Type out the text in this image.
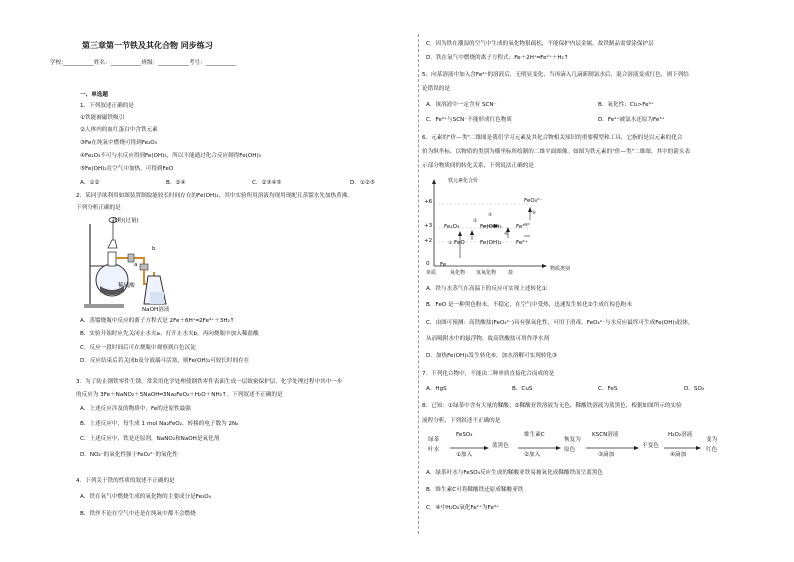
第三章第一节铁及其化合物 同步练习
学校:___________姓名：___________班级：___________考号：___________
一、单选题
1．下列叙述正确的是
①铁能被磁铁吸引
②人体内的血红蛋白中含铁元素
③Fe在纯氧中燃烧可得到Fe₂O₃
④Fe₂O₃不可与水反应得到Fe(OH)₃，所以不能通过化合反应制得Fe(OH)₃
⑤Fe(OH)₂在空气中加热，可得到FeO
A．①②	B．②④	C．②③④⑤	D．①②⑤
2．某同学欲利用如图装置制取能较长时间存在的Fe(OH)₂，其中实验所用溶液均现用现配且蒸馏水先加热煮沸。
下列分析正确的是
铁粉(过量)
a
b
稀硫酸
NaOH溶液
A．蒸馏烧瓶中反应的离子方程式是 2Fe＋6H⁺═2Fe³⁺＋3H₂↑
B．实验开始时应先关闭止水夹a、打开止水夹b，再向烧瓶中加入稀盐酸
C．反应一段时间后可在烧瓶中观察到白色沉淀
D．反应结束后若关闭b及分液漏斗活塞，则Fe(OH)₂可较长时间存在
3．为了防止钢铁零件生锈，常采用化学处理使钢铁零件表面生成一层致密保护层，化学处理过程中其中一步
的反应为 3Fe＋NaNO₂＋5NaOH═3Na₂FeO₂＋H₂O＋NH₃↑。下列叙述不正确的是
A．上述反应涉及的物质中，Fe的还原性最强
B．上述反应中，每生成 1 mol Na₂FeO₂，转移的电子数为 2Nₐ
C．上述反应中，铁是还原剂，NaNO₂和NaOH是氧化剂
D．NO₂⁻的氧化性强于FeO₂²⁻的氧化性
4．下列关于铁的性质的叙述不正确的是
A．铁在氧气中燃烧生成的氧化物的主要成分是Fe₃O₄
B．铁丝不论在空气中还是在纯氧中都不会燃烧
C．因为铁在潮湿的空气中生成的氧化物很疏松，不能保护内层金属，故铁制品需要涂保护层
D．铁在氧气中燃烧的离子方程式：Fe＋2H⁺═Fe²⁺＋H₂↑
5．向某溶液中加入含Fe²⁺的溶液后，无明显变化，当再滴入几滴新制氯水后，混合溶液变成红色，则下列结
论错误的是
A．该溶液中一定含有 SCN⁻	B．氧化性：Cl₂>Fe³⁺
C．Fe²⁺与SCN⁻不能形成红色物质	D．Fe²⁺被氯水还原为Fe³⁺
6．元素的"价—类"二维图是我们学习元素及其化合物相关知识的重要模型和工具，它指的是以元素的化合
价为纵坐标，以物质的类别为横坐标所绘制的二维平面图像。如图为铁元素的"价—类"二维图，其中的箭头表
示部分物质间的转化关系，下列说法正确的是
铁元素化合价
+6
+3
+2
0 Fe
FeO
Fe₂O₃	Fe(OH)₃
Fe(OH)₂
Fe³⁺
Fe²⁺
FeO₄²⁻
①
②
③
④
⑤
单质	氧化物 氢氧化物 盐
物质类别
A．铁与水蒸气在高温下的反应可实现上述转化①
B．FeO 是一种黑色粉末，不稳定，在空气中受热，迅速发生转化②生成红棕色粉末
C．由图可预测：高铁酸盐(FeO₄²⁻)具有强氧化性，可用于消毒。FeO₄²⁻与水反应最终可生成Fe(OH)₃胶体，
从而吸附水中的悬浮物，故高铁酸盐可用作净水剂
D．加热Fe(OH)₃发生转化⑥，加水溶解可实现转化③
7．下列化合物中，不能由二种单质直接化合而成的是
A．HgS	B．CuS	C．FeS	D．SO₂
8．已知：①绿茶中含有大量的鞣酸；②鞣酸亚铁溶液为无色，鞣酸铁溶液为蓝黑色，根据如图所示的实验
流程分析，下列叙述不正确的是
绿茶
叶水
FeSO₄
①加入
蓝黑色
维生素C
②加入
恢复为
原色
KSCN溶液
③滴加
不变色
H₂O₂溶液
④滴加
变为
红色
A．绿茶叶水与FeSO₄反应生成的鞣酸亚铁易被氧化成鞣酸铁而呈蓝黑色
B．维生素C可将鞣酸铁还原成鞣酸亚铁
C．④中H₂O₂氧化Fe²⁺为Fe³⁺
